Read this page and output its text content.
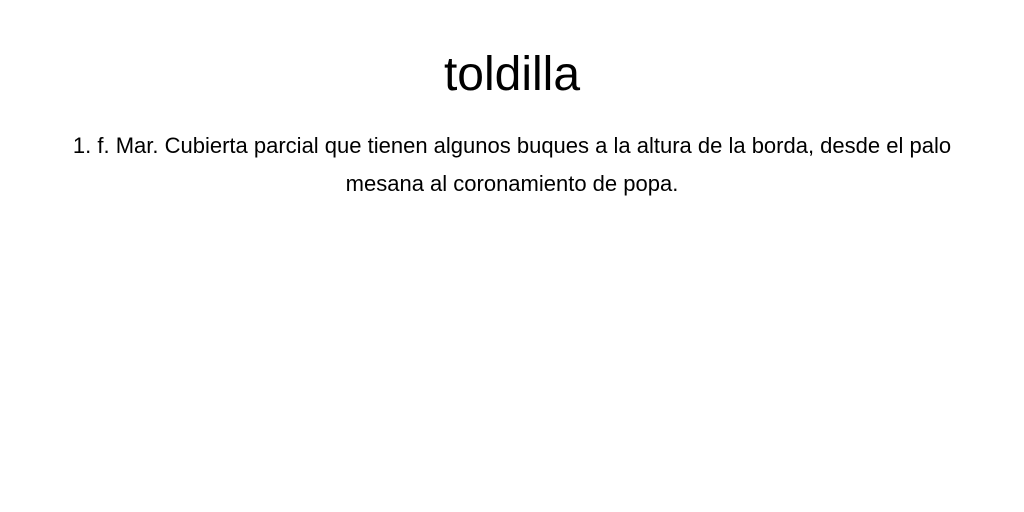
toldilla

1. f. Mar. Cubierta parcial que tienen algunos buques a la altura de la borda, desde el palo mesana al coronamiento de popa.
